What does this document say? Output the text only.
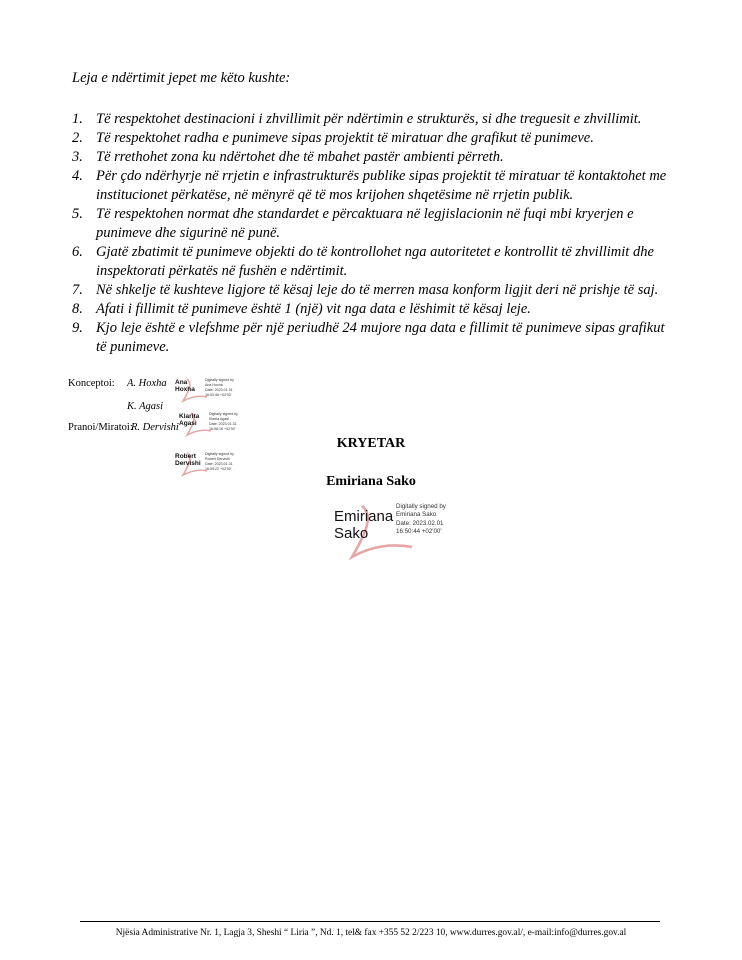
Leja e ndërtimit jepet me këto kushte:

1. Të respektohet destinacioni i zhvillimit për ndërtimin e strukturës, si dhe treguesit e zhvillimit.
2. Të respektohet radha e punimeve sipas projektit të miratuar dhe grafikut të punimeve.
3. Të rrethohet zona ku ndërtohet dhe të mbahet pastër ambienti përreth.
4. Për çdo ndërhyrje në rrjetin e infrastrukturës publike sipas projektit të miratuar të kontaktohet me institucionet përkatëse, në mënyrë që të mos krijohen shqetësime në rrjetin publik.
5. Të respektohen normat dhe standardet e përcaktuara në legjislacionin në fuqi mbi kryerjen e punimeve dhe sigurinë në punë.
6. Gjatë zbatimit të punimeve objekti do të kontrollohet nga autoritetet e kontrollit të zhvillimit dhe inspektorati përkatës në fushën e ndërtimit.
7. Në shkelje të kushteve ligjore të kësaj leje do të merren masa konform ligjit deri në prishje të saj.
8. Afati i fillimit të punimeve është 1 (një) vit nga data e lëshimit të kësaj leje.
9. Kjo leje është e vlefshme për një periudhë 24 mujore nga data e fillimit të punimeve sipas grafikut të punimeve.
Konceptoi: A. Hoxha
K. Agasi
Pranoi/Miratoi:
R. Dervishi
Ana Hoxha
Digitally signed by
Ana Hoxha
Date: 2023.01.31
16:53:46 +02'00'
Klarita Agasi
Digitally signed by
Klarita Agasi
Date: 2023.01.31
16:56:16 +02'00'
Robert Dervishi
Digitally signed by
Robert Dervishi
Date: 2023.01.31
16:59:22 +02'00'

KRYETAR

Emiriana Sako

Emiriana Sako
Digitally signed by
Emiriana Sako
Date: 2023.02.01
16:50:44 +02'00'

Njësia Administrative Nr. 1, Lagja 3, Sheshi “ Liria ”, Nd. 1, tel& fax +355 52 2/223 10, www.durres.gov.al/, e-mail:info@durres.gov.al
